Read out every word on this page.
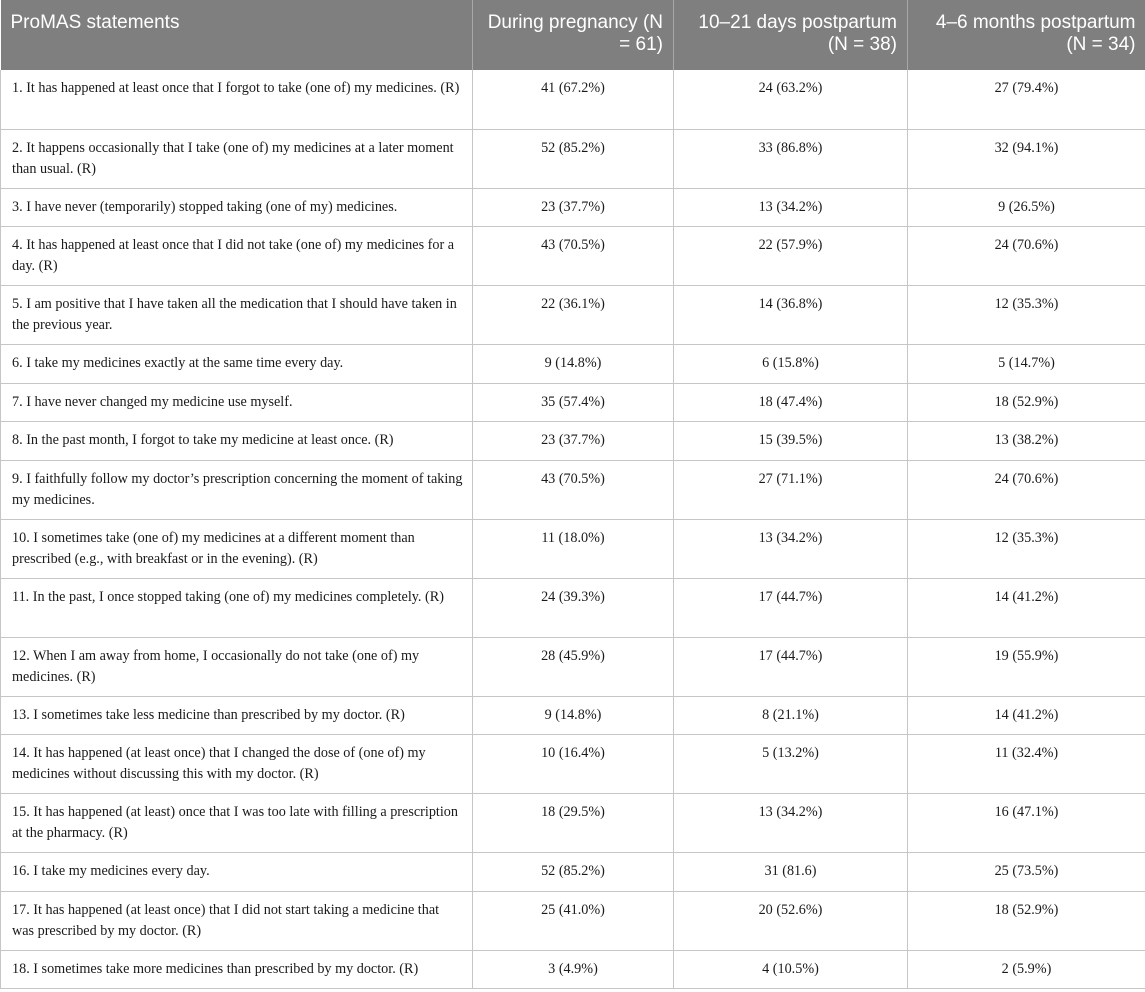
ProMAS statements	During pregnancy (N = 61)	10–21 days postpartum (N = 38)	4–6 months postpartum (N = 34)
1. It has happened at least once that I forgot to take (one of) my medicines. (R)	41 (67.2%)	24 (63.2%)	27 (79.4%)
2. It happens occasionally that I take (one of) my medicines at a later moment than usual. (R)	52 (85.2%)	33 (86.8%)	32 (94.1%)
3. I have never (temporarily) stopped taking (one of my) medicines.	23 (37.7%)	13 (34.2%)	9 (26.5%)
4. It has happened at least once that I did not take (one of) my medicines for a day. (R)	43 (70.5%)	22 (57.9%)	24 (70.6%)
5. I am positive that I have taken all the medication that I should have taken in the previous year.	22 (36.1%)	14 (36.8%)	12 (35.3%)
6. I take my medicines exactly at the same time every day.	9 (14.8%)	6 (15.8%)	5 (14.7%)
7. I have never changed my medicine use myself.	35 (57.4%)	18 (47.4%)	18 (52.9%)
8. In the past month, I forgot to take my medicine at least once. (R)	23 (37.7%)	15 (39.5%)	13 (38.2%)
9. I faithfully follow my doctor’s prescription concerning the moment of taking my medicines.	43 (70.5%)	27 (71.1%)	24 (70.6%)
10. I sometimes take (one of) my medicines at a different moment than prescribed (e.g., with breakfast or in the evening). (R)	11 (18.0%)	13 (34.2%)	12 (35.3%)
11. In the past, I once stopped taking (one of) my medicines completely. (R)	24 (39.3%)	17 (44.7%)	14 (41.2%)
12. When I am away from home, I occasionally do not take (one of) my medicines. (R)	28 (45.9%)	17 (44.7%)	19 (55.9%)
13. I sometimes take less medicine than prescribed by my doctor. (R)	9 (14.8%)	8 (21.1%)	14 (41.2%)
14. It has happened (at least once) that I changed the dose of (one of) my medicines without discussing this with my doctor. (R)	10 (16.4%)	5 (13.2%)	11 (32.4%)
15. It has happened (at least) once that I was too late with filling a prescription at the pharmacy. (R)	18 (29.5%)	13 (34.2%)	16 (47.1%)
16. I take my medicines every day.	52 (85.2%)	31 (81.6)	25 (73.5%)
17. It has happened (at least once) that I did not start taking a medicine that was prescribed by my doctor. (R)	25 (41.0%)	20 (52.6%)	18 (52.9%)
18. I sometimes take more medicines than prescribed by my doctor. (R)	3 (4.9%)	4 (10.5%)	2 (5.9%)
